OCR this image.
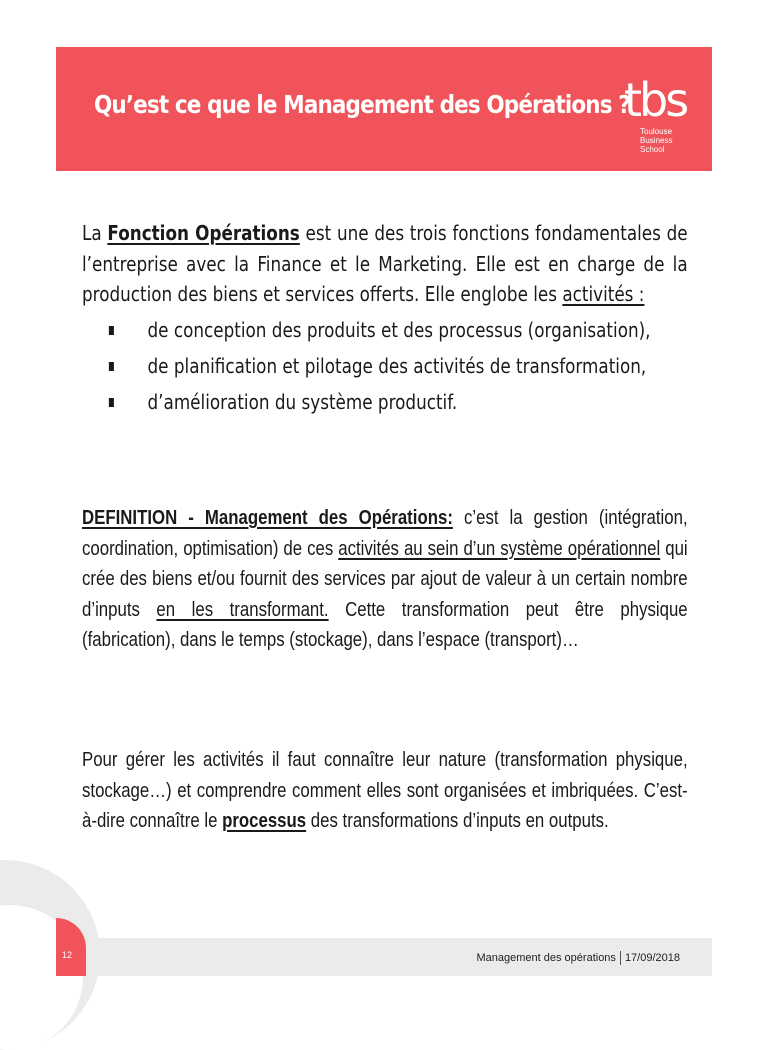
Qu’est ce que le Management des Opérations ?
tbs
Toulouse
Business School

La Fonction Opérations est une des trois fonctions fondamentales de l’entreprise avec la Finance et le Marketing. Elle est en charge de la production des biens et services offerts. Elle englobe les activités :

de conception des produits et des processus (organisation),
de planification et pilotage des activités de transformation,
d’amélioration du système productif.

DEFINITION - Management des Opérations: c’est la gestion (intégration, coordination, optimisation) de ces activités au sein d’un système opérationnel qui crée des biens et/ou fournit des services par ajout de valeur à un certain nombre d’inputs en les transformant. Cette transformation peut être physique (fabrication), dans le temps (stockage), dans l’espace (transport)…

Pour gérer les activités il faut connaître leur nature (transformation physique, stockage…) et comprendre comment elles sont organisées et imbriquées. C’est-à-dire connaître le processus des transformations d’inputs en outputs.

Management des opérations 17/09/2018
12
